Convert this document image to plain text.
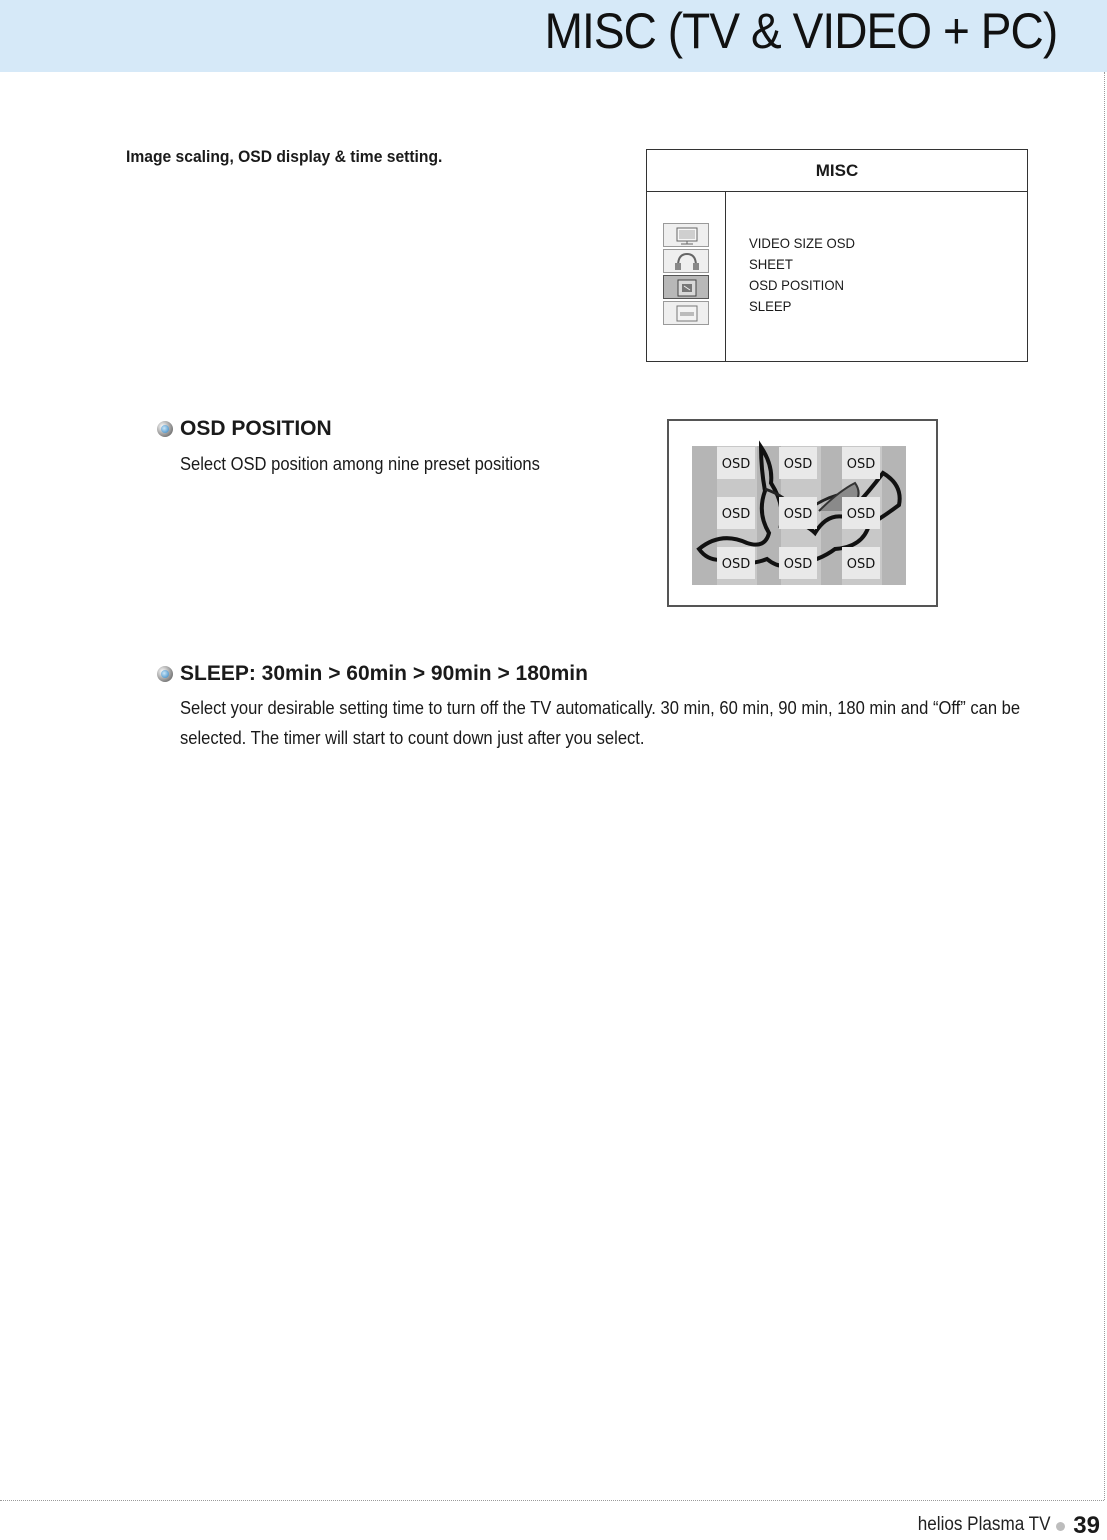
MISC (TV & VIDEO + PC)
Image scaling, OSD display & time setting.
MISC
VIDEO SIZE OSD
SHEET
OSD POSITION
SLEEP
OSD POSITION
Select OSD position among nine preset positions	OSD	OSD	OSD
OSD	OSD	OSD
OSD	OSD	OSD
SLEEP: 30min > 60min > 90min > 180min
Select your desirable setting time to turn off the TV automatically. 30 min, 60 min, 90 min, 180 min and “Off” can be selected. The timer will start to count down just after you select.
helios Plasma TV 39
